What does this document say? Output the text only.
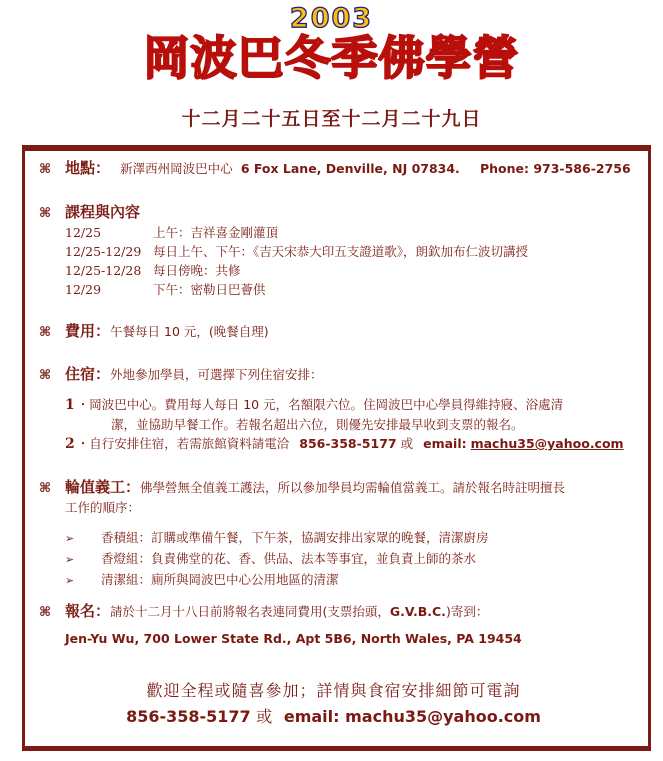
2003
岡波巴冬季佛學營
十二月二十五日至十二月二十九日
⌘ 地點： 新澤西州岡波巴中心 6 Fox Lane, Denville, NJ 07834. Phone: 973-586-2756
⌘ 課程與內容
12/25	上午：吉祥喜金剛灌頂
12/25-12/29 每日上午、下午：《吉天宋恭大印五支證道歌》，朗欽加布仁波切講授
12/25-12/28 每日傍晚：共修
12/29	下午：密勒日巴薈供
⌘ 費用：午餐每日 10 元，(晚餐自理)
⌘ 住宿：外地參加學員，可選擇下列住宿安排：
1 ・岡波巴中心。費用每人每日 10 元，名額限六位。住岡波巴中心學員得維持寢、浴處清
潔，並協助早餐工作。若報名超出六位，則優先安排最早收到支票的報名。
2 ・自行安排住宿，若需旅館資料請電洽 856-358-5177 或 email: machu35@yahoo.com
⌘ 輪值義工：佛學營無全值義工護法，所以參加學員均需輪值當義工。請於報名時註明擅長
工作的順序：
➢ 香積組：訂購或準備午餐，下午茶，協調安排出家眾的晚餐，清潔廚房
➢ 香燈組：負責佛堂的花、香、供品、法本等事宜，並負責上師的茶水
➢ 清潔組：廁所與岡波巴中心公用地區的清潔
⌘ 報名：請於十二月十八日前將報名表連同費用(支票抬頭，G.V.B.C.)寄到：
Jen-Yu Wu, 700 Lower State Rd., Apt 5B6, North Wales, PA 19454
歡迎全程或隨喜參加；詳情與食宿安排細節可電詢
856-358-5177 或 email: machu35@yahoo.com
